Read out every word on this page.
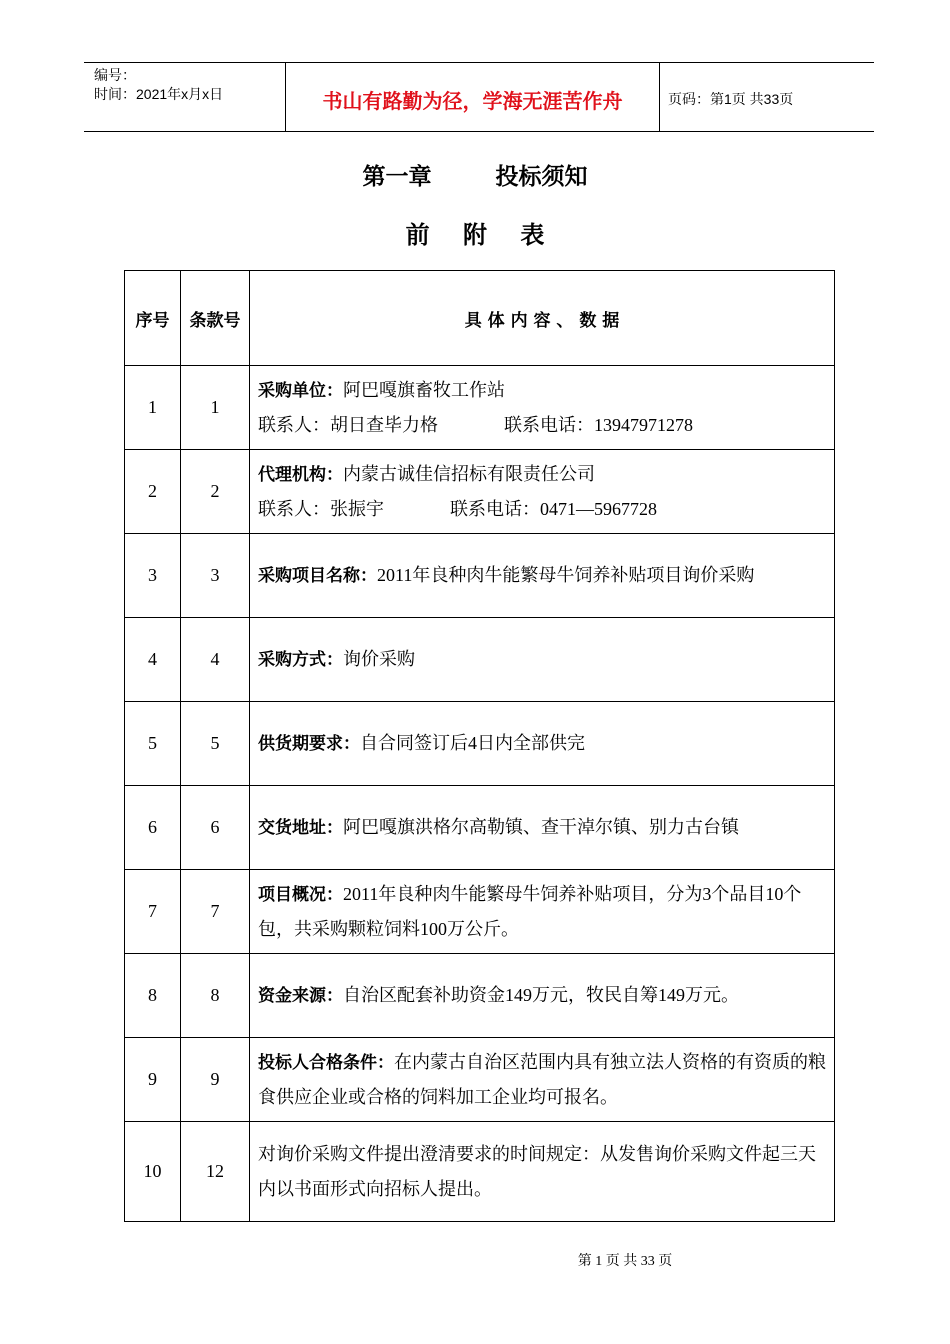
编号：
时间：2021年x月x日	书山有路勤为径，学海无涯苦作舟	页码：第1页 共33页
第一章        投标须知
前    附    表
序号	条款号	具 体 内 容 、 数 据
1	1	采购单位：阿巴嘎旗畜牧工作站
联系人：胡日查毕力格 联系电话：13947971278

2	2	代理机构：内蒙古诚佳信招标有限责任公司
联系人：张振宇 联系电话：0471—5967728

3	3	采购项目名称：2011年良种肉牛能繁母牛饲养补贴项目询价采购
4	4	采购方式：询价采购
5	5	供货期要求：自合同签订后4日内全部供完
6	6	交货地址：阿巴嘎旗洪格尔高勒镇、查干淖尔镇、别力古台镇
7	7	项目概况：2011年良种肉牛能繁母牛饲养补贴项目，分为3个品目10个包，共采购颗粒饲料100万公斤。
8	8	资金来源：自治区配套补助资金149万元，牧民自筹149万元。
9	9	投标人合格条件：在内蒙古自治区范围内具有独立法人资格的有资质的粮食供应企业或合格的饲料加工企业均可报名。
10	12	对询价采购文件提出澄清要求的时间规定：从发售询价采购文件起三天内以书面形式向招标人提出。
第 1 页 共 33 页
